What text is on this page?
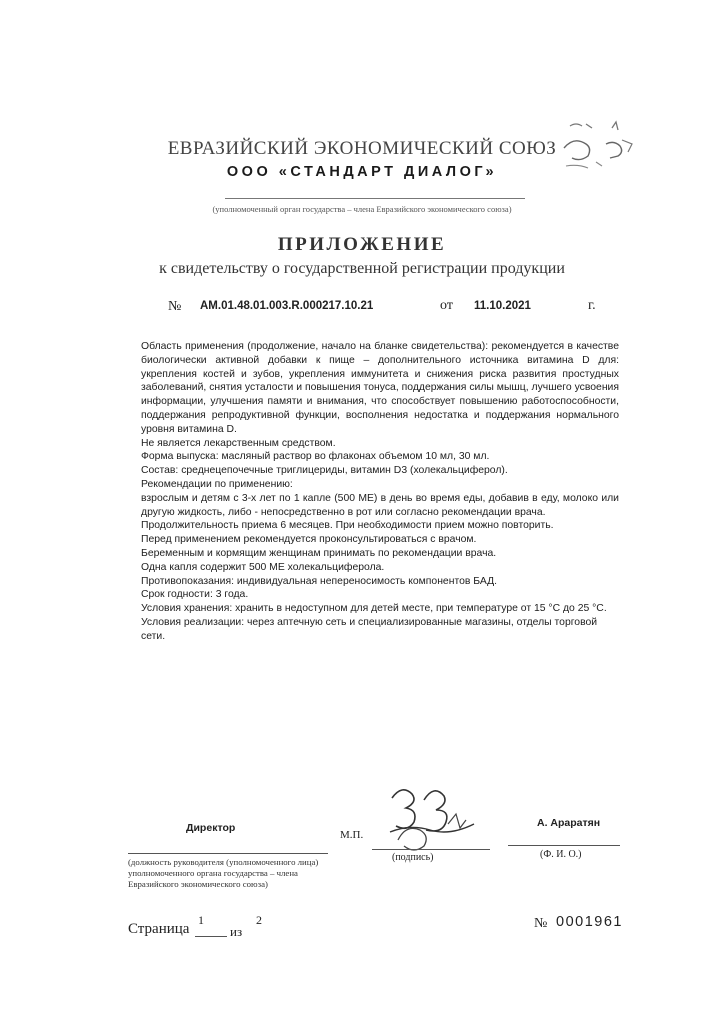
ЕВРАЗИЙСКИЙ ЭКОНОМИЧЕСКИЙ СОЮЗ
ООО «СТАНДАРТ ДИАЛОГ»
(уполномоченный орган государства – члена Евразийского экономического союза)
ПРИЛОЖЕНИЕ
к свидетельству о государственной регистрации продукции
№ AM.01.48.01.003.R.000217.10.21	от 11.10.2021	г.

Область применения (продолжение, начало на бланке свидетельства): рекомендуется в качестве биологически активной добавки к пище – дополнительного источника витамина D для: укрепления костей и зубов, укрепления иммунитета и снижения риска развития простудных заболеваний, снятия усталости и повышения тонуса, поддержания силы мышц, лучшего усвоения информации, улучшения памяти и внимания, что способствует повышению работоспособности, поддержания репродуктивной функции, восполнения недостатка и поддержания нормального уровня витамина D.

Не является лекарственным средством.

Форма выпуска: масляный раствор во флаконах объемом 10 мл, 30 мл.

Состав: среднецепочечные триглицериды, витамин D3 (холекальциферол).

Рекомендации по применению:

взрослым и детям с 3-х лет по 1 капле (500 МЕ) в день во время еды, добавив в еду, молоко или другую жидкость, либо - непосредственно в рот или согласно рекомендации врача.

Продолжительность приема 6 месяцев. При необходимости прием можно повторить.

Перед применением рекомендуется проконсультироваться с врачом.

Беременным и кормящим женщинам принимать по рекомендации врача.

Одна капля содержит 500 МЕ холекальциферола.

Противопоказания: индивидуальная непереносимость компонентов БАД.

Срок годности: 3 года.

Условия хранения: хранить в недоступном для детей месте, при температуре от 15 °С до 25 °С.

Условия реализации: через аптечную сеть и специализированные магазины, отделы торговой сети.

Директор
(должность руководителя (уполномоченного лица) уполномоченного органа государства – члена Евразийского экономического союза)
М.П.
(подпись)
А. Араратян
(Ф. И. О.)
Страница
1
из
2	№ 0001961
